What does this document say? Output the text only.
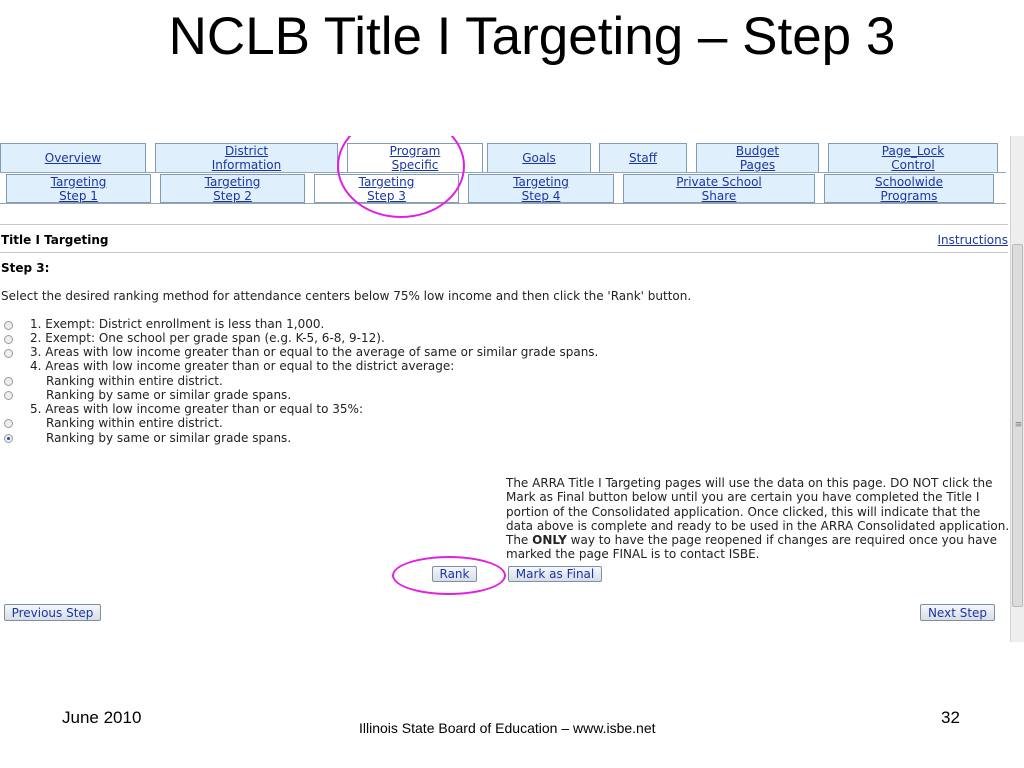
NCLB Title I Targeting – Step 3
Overview	District Information
Program Specific	Goals	Staff	Budget Pages
Page_Lock Control
Targeting Step 1
Targeting Step 2
Targeting Step 3
Targeting Step 4
Private School Share
Schoolwide Programs
Title I Targeting	Instructions
Step 3:
Select the desired ranking method for attendance centers below 75% low income and then click the 'Rank' button.
1. Exempt: District enrollment is less than 1,000.
2. Exempt: One school per grade span (e.g. K-5, 6-8, 9-12).
3. Areas with low income greater than or equal to the average of same or similar grade spans.
4. Areas with low income greater than or equal to the district average:
Ranking within entire district.
Ranking by same or similar grade spans.
5. Areas with low income greater than or equal to 35%:
Ranking within entire district.
Ranking by same or similar grade spans.
The ARRA Title I Targeting pages will use the data on this page. DO NOT click the Mark as Final button below until you are certain you have completed the Title I portion of the Consolidated application. Once clicked, this will indicate that the data above is complete and ready to be used in the ARRA Consolidated application. The ONLY way to have the page reopened if changes are required once you have marked the page FINAL is to contact ISBE.
Rank	Mark as Final
Previous Step	Next Step
≡
June 2010
Illinois State Board of Education – www.isbe.net
32
